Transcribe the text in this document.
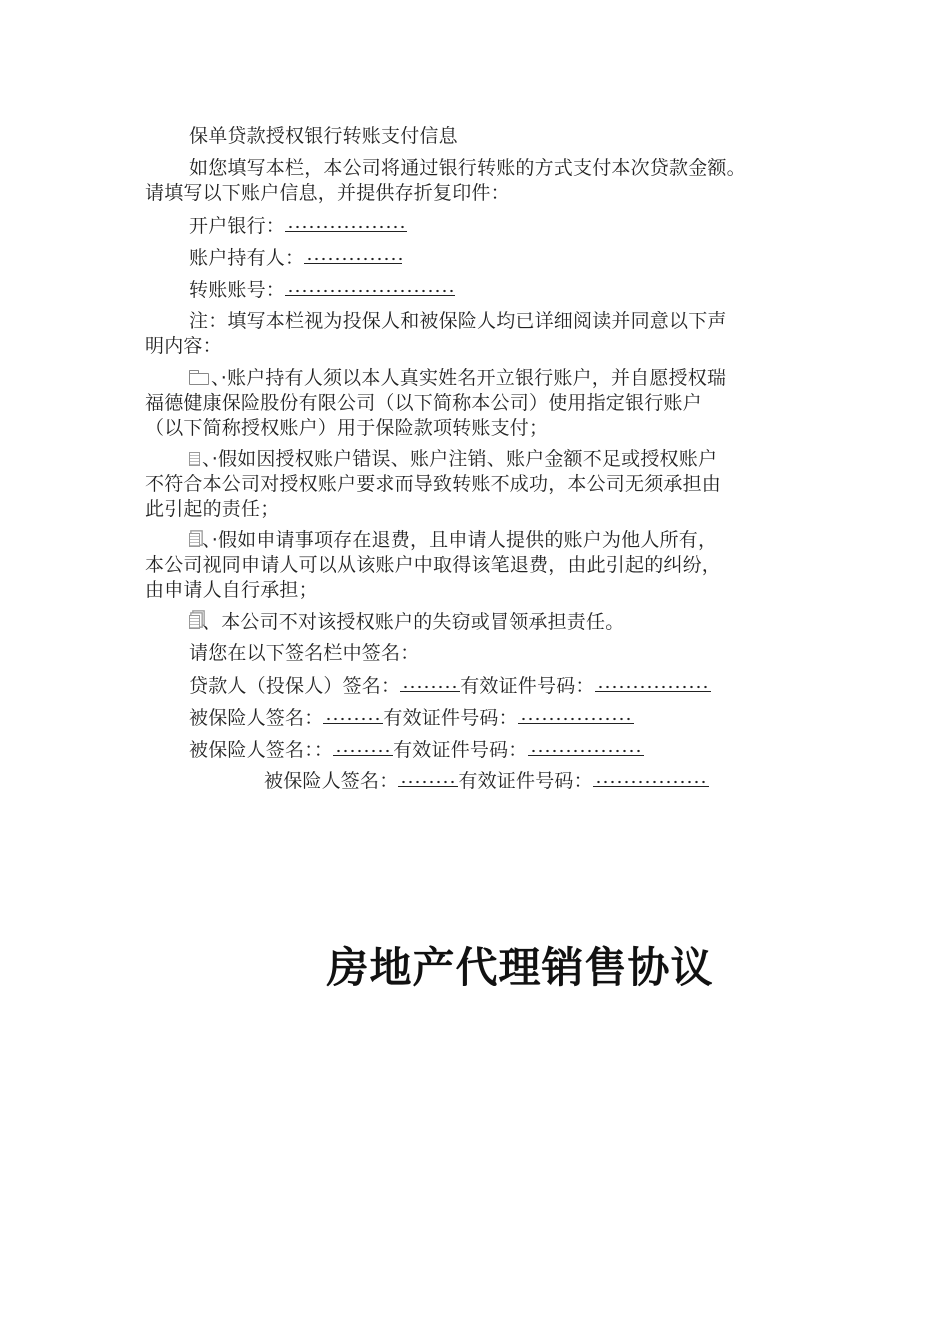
保单贷款授权银行转账支付信息
如您填写本栏，本公司将通过银行转账的方式支付本次贷款金额。
请填写以下账户信息，并提供存折复印件：
开户银行：
账户持有人：
转账账号：
注：填写本栏视为投保人和被保险人均已详细阅读并同意以下声
明内容：
、·账户持有人须以本人真实姓名开立银行账户，并自愿授权瑞
福德健康保险股份有限公司（以下简称本公司）使用指定银行账户
（以下简称授权账户）用于保险款项转账支付；
、·假如因授权账户错误、账户注销、账户金额不足或授权账户
不符合本公司对授权账户要求而导致转账不成功，本公司无须承担由
此引起的责任；
、·假如申请事项存在退费，且申请人提供的账户为他人所有，
本公司视同申请人可以从该账户中取得该笔退费，由此引起的纠纷，
由申请人自行承担；
、本公司不对该授权账户的失窃或冒领承担责任。
请您在以下签名栏中签名：
贷款人（投保人）签名：	有效证件号码：
被保险人签名：	有效证件号码：
被保险人签名：：	有效证件号码：
被保险人签名：	有效证件号码：
房地产代理销售协议
